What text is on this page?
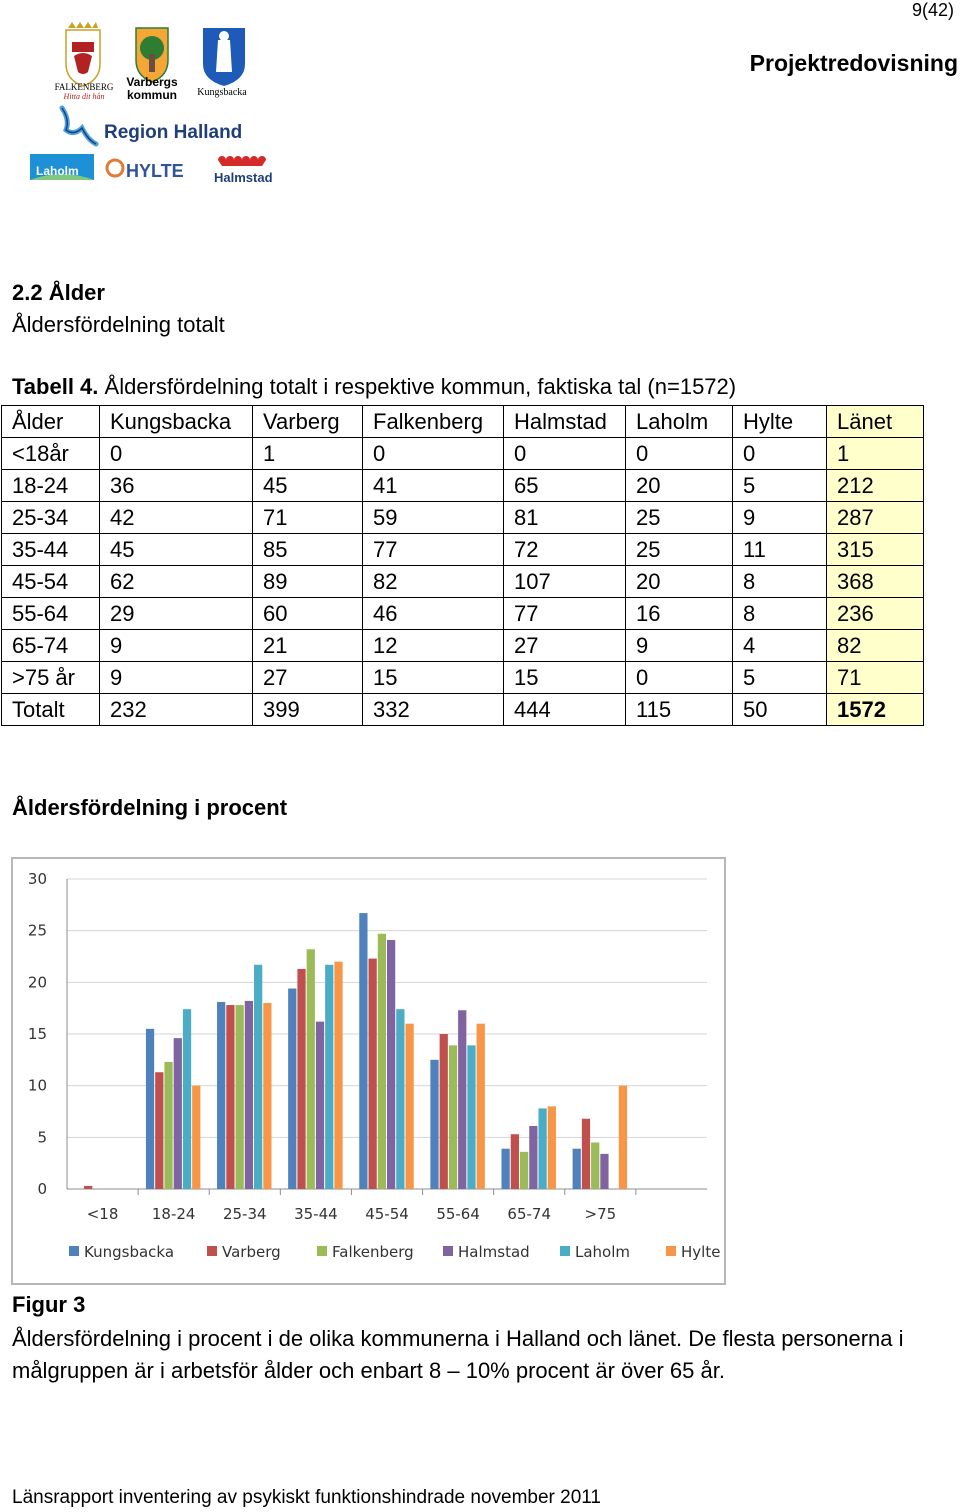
9(42)
Projektredovisning
FALKENBERG
Hitta dit hån
Varbergs
kommun Kungsbacka
Region Halland
Laholm	HYLTE Halmstad
2.2 Ålder
Åldersfördelning totalt
Tabell 4. Åldersfördelning totalt i respektive kommun, faktiska tal (n=1572)
Ålder	Kungsbacka	Varberg	Falkenberg	Halmstad	Laholm	Hylte	Länet
<18år	0	1	0	0	0	0	1
18-24	36	45	41	65	20	5	212
25-34	42	71	59	81	25	9	287
35-44	45	85	77	72	25	11	315
45-54	62	89	82	107	20	8	368
55-64	29	60	46	77	16	8	236
65-74	9	21	12	27	9	4	82
>75 år	9	27	15	15	0	5	71
Totalt	232	399	332	444	115	50	1572
Åldersfördelning i procent
0
5
10
15
20
25
30
<18 18-24 25-34 35-44 45-54 55-64 65-74 >75
Kungsbacka	Varberg	Falkenberg	Halmstad	Laholm	Hylte
Figur 3
Åldersfördelning i procent i de olika kommunerna i Halland och länet. De flesta personerna i målgruppen är i arbetsför ålder och enbart 8 – 10% procent är över 65 år.
Länsrapport inventering av psykiskt funktionshindrade november 2011
